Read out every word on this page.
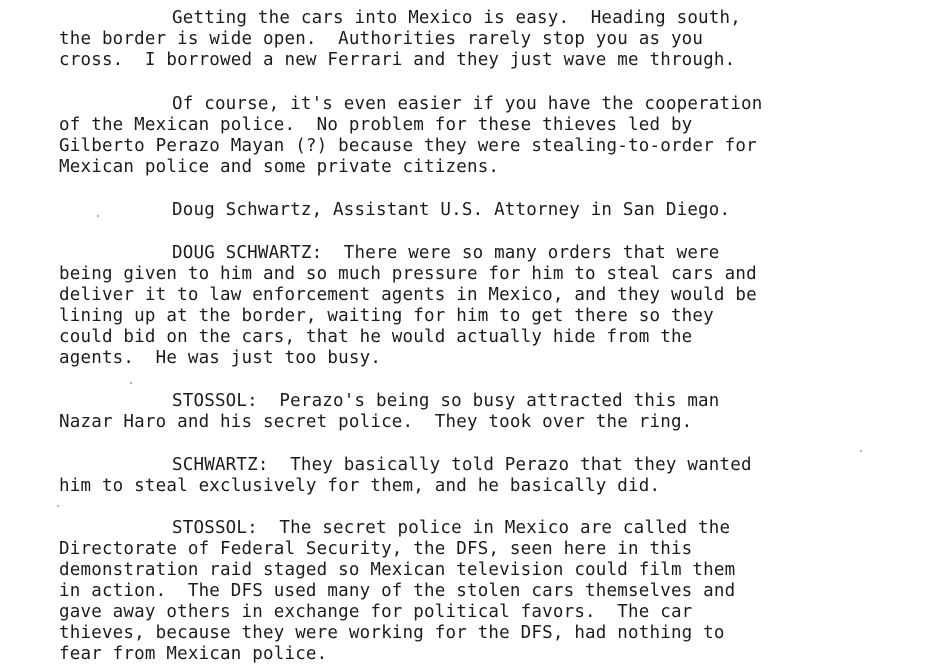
Getting the cars into Mexico is easy.  Heading south,
the border is wide open.  Authorities rarely stop you as you
cross.  I borrowed a new Ferrari and they just wave me through.
Of course, it's even easier if you have the cooperation
of the Mexican police.  No problem for these thieves led by
Gilberto Perazo Mayan (?) because they were stealing-to-order for
Mexican police and some private citizens.
Doug Schwartz, Assistant U.S. Attorney in San Diego.
DOUG SCHWARTZ:  There were so many orders that were
being given to him and so much pressure for him to steal cars and
deliver it to law enforcement agents in Mexico, and they would be
lining up at the border, waiting for him to get there so they
could bid on the cars, that he would actually hide from the
agents.  He was just too busy.
STOSSOL:  Perazo's being so busy attracted this man
Nazar Haro and his secret police.  They took over the ring.
SCHWARTZ:  They basically told Perazo that they wanted
him to steal exclusively for them, and he basically did.
STOSSOL:  The secret police in Mexico are called the
Directorate of Federal Security, the DFS, seen here in this
demonstration raid staged so Mexican television could film them
in action.  The DFS used many of the stolen cars themselves and
gave away others in exchange for political favors.  The car
thieves, because they were working for the DFS, had nothing to
fear from Mexican police.
